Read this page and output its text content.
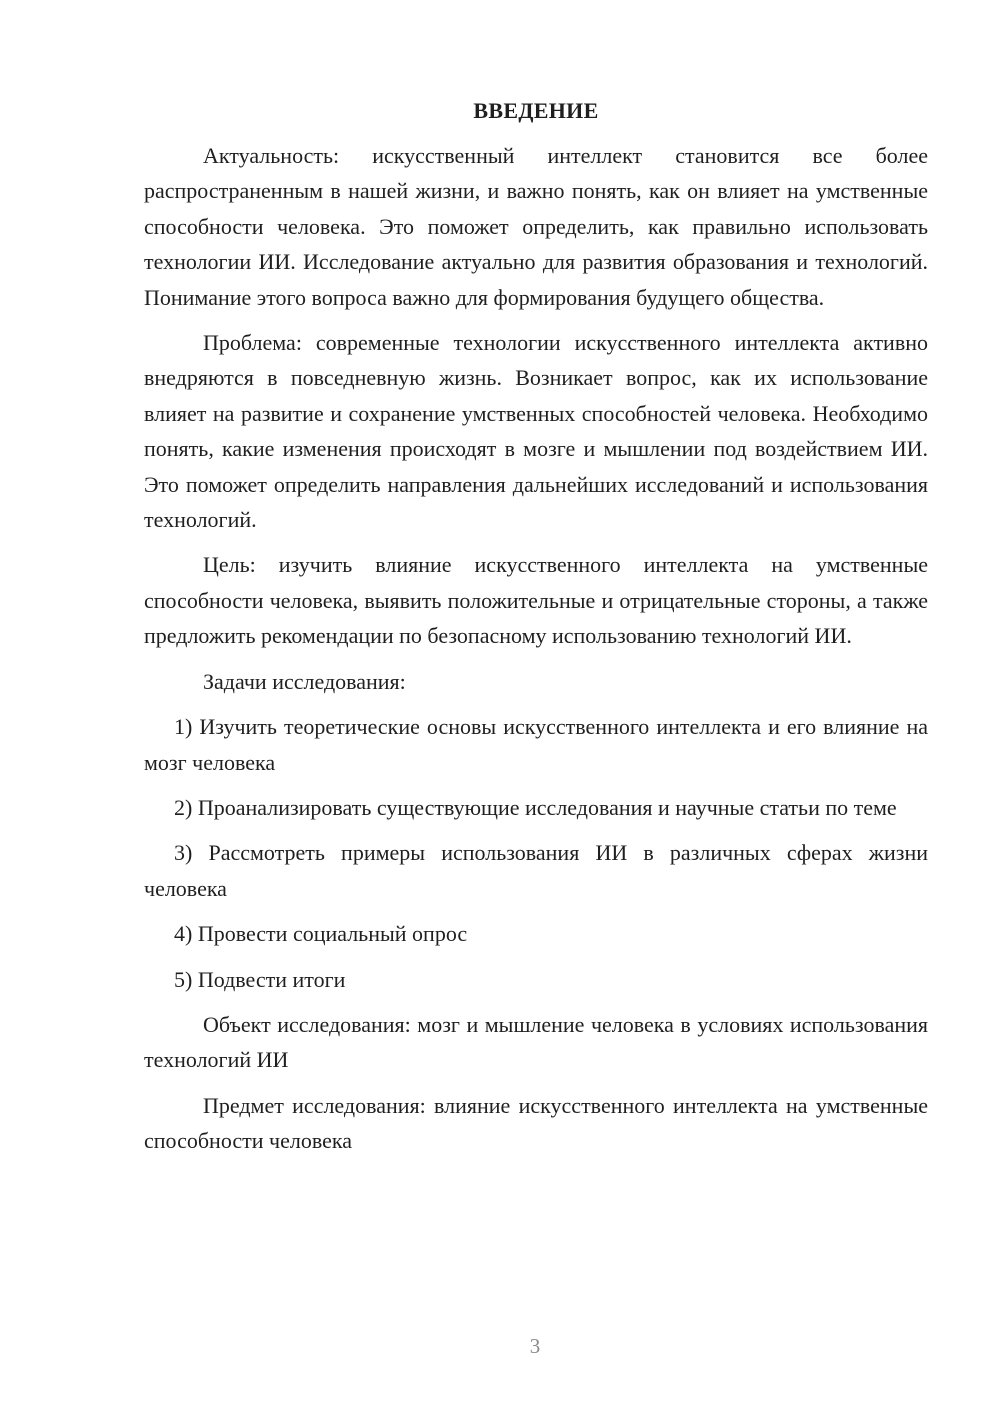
ВВЕДЕНИЕ

Актуальность: искусственный интеллект становится все более распространенным в нашей жизни, и важно понять, как он влияет на умственные способности человека. Это поможет определить, как правильно использовать технологии ИИ. Исследование актуально для развития образования и технологий. Понимание этого вопроса важно для формирования будущего общества.

Проблема: современные технологии искусственного интеллекта активно внедряются в повседневную жизнь. Возникает вопрос, как их использование влияет на развитие и сохранение умственных способностей человека. Необходимо понять, какие изменения происходят в мозге и мышлении под воздействием ИИ. Это поможет определить направления дальнейших исследований и использования технологий.

Цель: изучить влияние искусственного интеллекта на умственные способности человека, выявить положительные и отрицательные стороны, а также предложить рекомендации по безопасному использованию технологий ИИ.

Задачи исследования:

1) Изучить теоретические основы искусственного интеллекта и его влияние на мозг человека

2) Проанализировать существующие исследования и научные статьи по теме

3) Рассмотреть примеры использования ИИ в различных сферах жизни человека

4) Провести социальный опрос

5) Подвести итоги

Объект исследования: мозг и мышление человека в условиях использования технологий ИИ

Предмет исследования: влияние искусственного интеллекта на умственные способности человека

3
